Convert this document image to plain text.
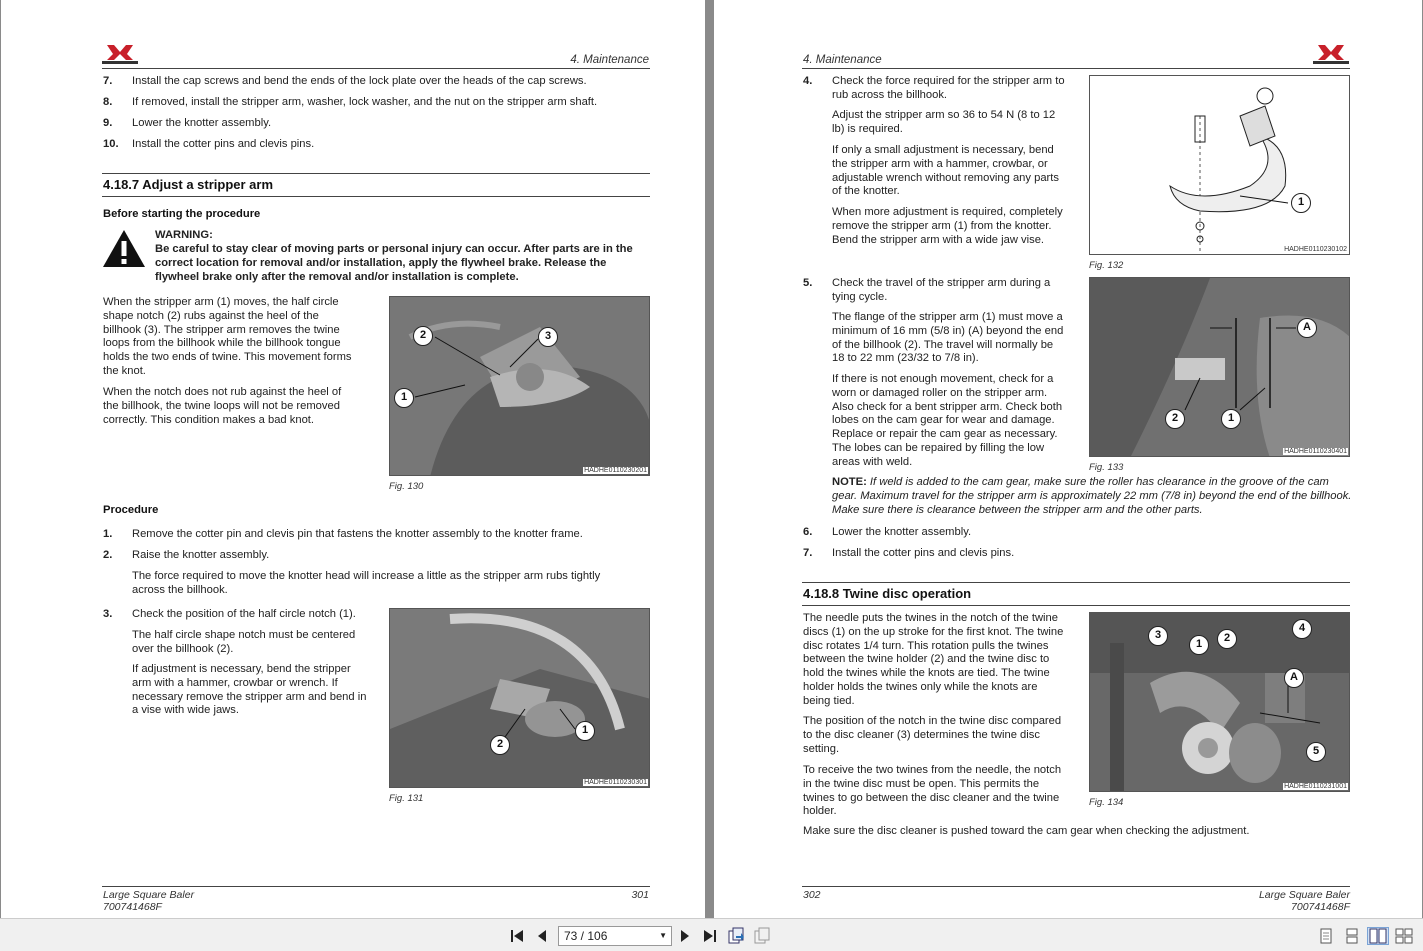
4. Maintenance
7. Install the cap screws and bend the ends of the lock plate over the heads of the cap screws.
8. If removed, install the stripper arm, washer, lock washer, and the nut on the stripper arm shaft.
9. Lower the knotter assembly.
10. Install the cotter pins and clevis pins.
4.18.7 Adjust a stripper arm
Before starting the procedure
WARNING:
Be careful to stay clear of moving parts or personal injury can occur. After parts are in the correct location for removal and/or installation, apply the flywheel brake. Release the flywheel brake only after the removal and/or installation is complete.
When the stripper arm (1) moves, the half circle shape notch (2) rubs against the heel of the billhook (3). The stripper arm removes the twine loops from the billhook while the billhook tongue holds the two ends of twine. This movement forms the knot.
When the notch does not rub against the heel of the billhook, the twine loops will not be removed correctly. This condition makes a bad knot.
2	3
1
HADHE0110230201
Fig. 130
Procedure
1. Remove the cotter pin and clevis pin that fastens the knotter assembly to the knotter frame.
2. Raise the knotter assembly.
The force required to move the knotter head will increase a little as the stripper arm rubs tightly across the billhook.
3. Check the position of the half circle notch (1).
The half circle shape notch must be centered over the billhook (2).
If adjustment is necessary, bend the stripper arm with a hammer, crowbar or wrench. If necessary remove the stripper arm and bend in a vise with wide jaws.
2
1
HADHE0110230301
Fig. 131
Large Square Baler
700741468F
301
4. Maintenance
4. Check the force required for the stripper arm to rub across the billhook.
Adjust the stripper arm so 36 to 54 N (8 to 12 lb) is required.
If only a small adjustment is necessary, bend the stripper arm with a hammer, crowbar, or adjustable wrench without removing any parts of the knotter.
When more adjustment is required, completely remove the stripper arm (1) from the knotter. Bend the stripper arm with a wide jaw vise.
1
HADHE0110230102
Fig. 132
5. Check the travel of the stripper arm during a tying cycle.
The flange of the stripper arm (1) must move a minimum of 16 mm (5/8 in) (A) beyond the end of the billhook (2). The travel will normally be 18 to 22 mm (23/32 to 7/8 in).
If there is not enough movement, check for a worn or damaged roller on the stripper arm. Also check for a bent stripper arm. Check both lobes on the cam gear for wear and damage. Replace or repair the cam gear as necessary. The lobes can be repaired by filling the low areas with weld.
A
2	1
HADHE0110230401
Fig. 133
NOTE: If weld is added to the cam gear, make sure the roller has clearance in the groove of the cam gear. Maximum travel for the stripper arm is approximately 22 mm (7/8 in) beyond the end of the billhook. Make sure there is clearance between the stripper arm and the other parts.
6. Lower the knotter assembly.
7. Install the cotter pins and clevis pins.
4.18.8 Twine disc operation
The needle puts the twines in the notch of the twine discs (1) on the up stroke for the first knot. The twine disc rotates 1/4 turn. This rotation pulls the twines between the twine holder (2) and the twine disc to hold the twines while the knots are tied. The twine holder holds the twines only while the knots are being tied.
The position of the notch in the twine disc compared to the disc cleaner (3) determines the twine disc setting.
To receive the two twines from the needle, the notch in the twine disc must be open. This permits the twines to go between the disc cleaner and the twine holder.
Make sure the disc cleaner is pushed toward the cam gear when checking the adjustment.
3
1	2
4
A
5
HADHE0110231001
Fig. 134
302	Large Square Baler
700741468F
73 / 106	▼
